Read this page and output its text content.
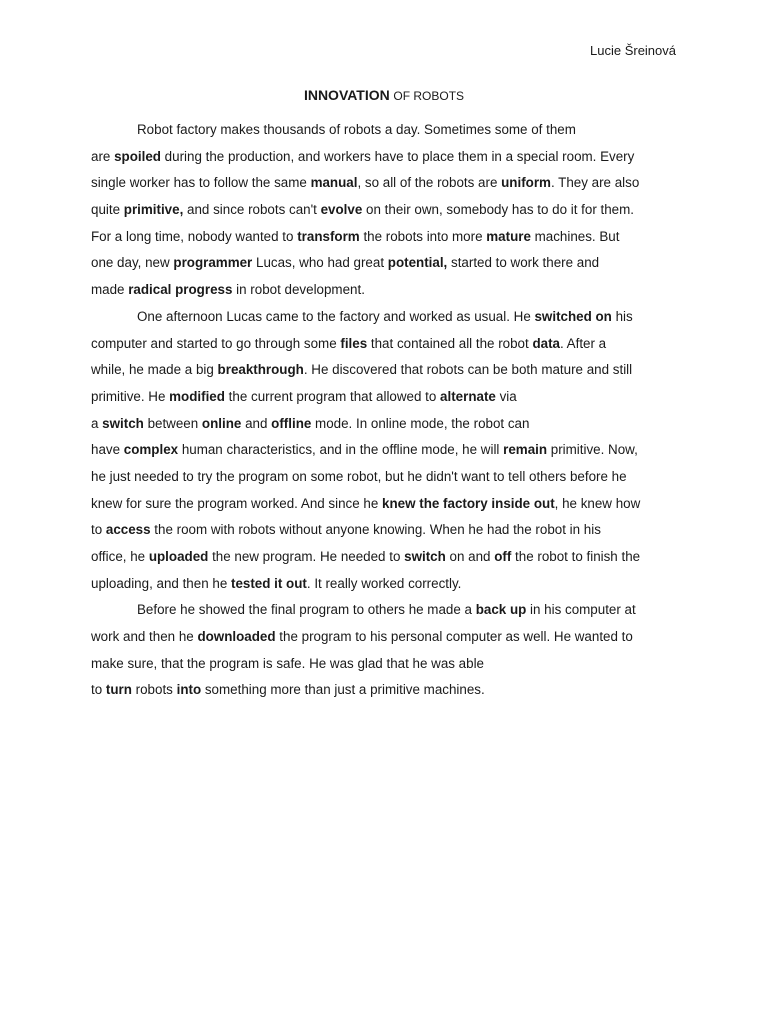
Lucie Šreinová
INNOVATION OF ROBOTS
Robot factory makes thousands of robots a day. Sometimes some of them
are spoiled during the production, and workers have to place them in a special room. Every
single worker has to follow the same manual, so all of the robots are uniform. They are also
quite primitive, and since robots can't evolve on their own, somebody has to do it for them.
For a long time, nobody wanted to transform the robots into more mature machines. But
one day, new programmer Lucas, who had great potential, started to work there and
made radical progress in robot development.
One afternoon Lucas came to the factory and worked as usual. He switched on his
computer and started to go through some files that contained all the robot data. After a
while, he made a big breakthrough. He discovered that robots can be both mature and still
primitive. He modified the current program that allowed to alternate via
a switch between online and offline mode. In online mode, the robot can
have complex human characteristics, and in the offline mode, he will remain primitive. Now,
he just needed to try the program on some robot, but he didn't want to tell others before he
knew for sure the program worked. And since he knew the factory inside out, he knew how
to access the room with robots without anyone knowing. When he had the robot in his
office, he uploaded the new program. He needed to switch on and off the robot to finish the
uploading, and then he tested it out. It really worked correctly.
Before he showed the final program to others he made a back up in his computer at
work and then he downloaded the program to his personal computer as well. He wanted to
make sure, that the program is safe. He was glad that he was able
to turn robots into something more than just a primitive machines.
